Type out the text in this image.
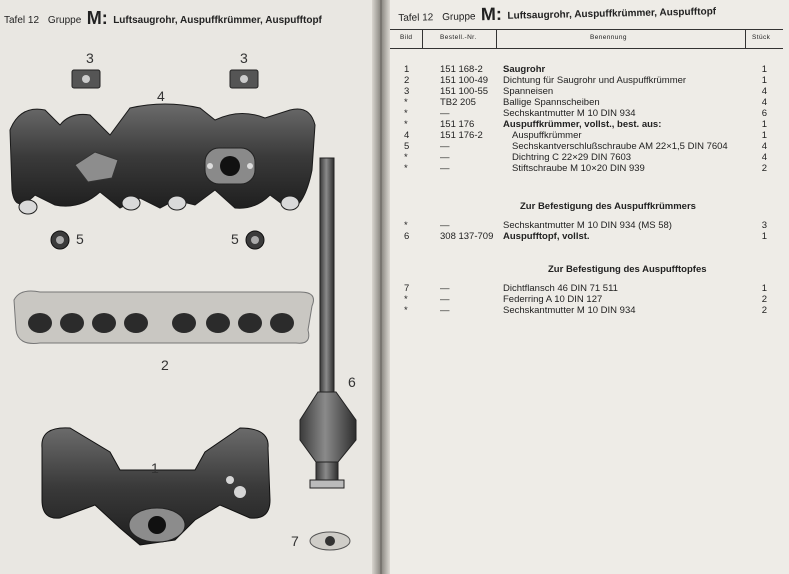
Tafel 12 Gruppe M: Luftsaugrohr, Auspuffkrümmer, Auspufftopf	Tafel 12 Gruppe M: Luftsaugrohr, Auspuffkrümmer, Auspufftopf
3	3
4
5	5
2
6
1
7
Bild	Bestell.-Nr.	Benennung	Stück
1	151 168-2 Saugrohr	1
2	151 100-49 Dichtung für Saugrohr und Auspuffkrümmer	1
3	151 100-55 Spanneisen	4
*	TB2 205	Ballige Spannscheiben	4
*	—	Sechskantmutter M 10 DIN 934	6
*	151 176	Auspuffkrümmer, vollst., best. aus:	1
4	151 176-2	Auspuffkrümmer	1
5	—	Sechskantverschlußschraube AM 22×1,5 DIN 7604	4
*	—	Dichtring C 22×29 DIN 7603	4
*	—	Stiftschraube M 10×20 DIN 939	2
Zur Befestigung des Auspuffkrümmers
*	—	Sechskantmutter M 10 DIN 934 (MS 58)	3
6	308 137-709 Auspufftopf, vollst.	1
Zur Befestigung des Auspufftopfes
7	—	Dichtflansch 46 DIN 71 511	1
*	—	Federring A 10 DIN 127	2
*	—	Sechskantmutter M 10 DIN 934	2
